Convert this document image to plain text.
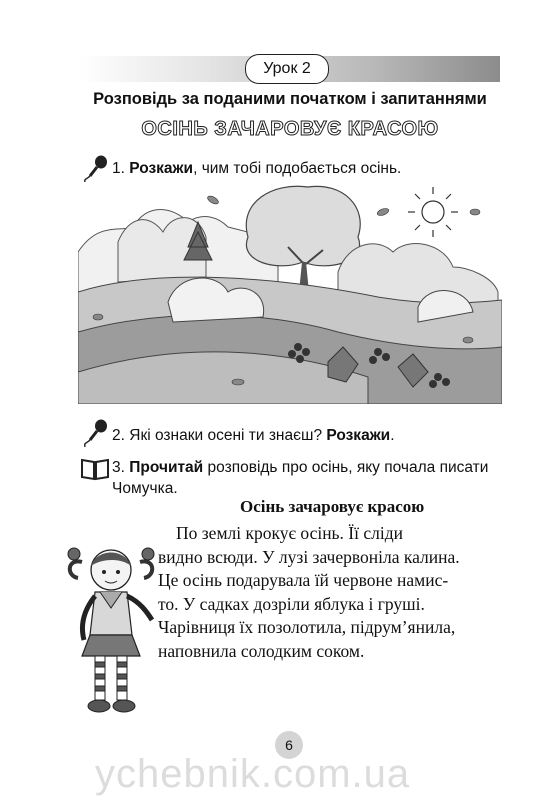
Урок 2
Розповідь за поданими початком і запитаннями
ОСІНЬ ЗАЧАРОВУЄ КРАСОЮ
1. Розкажи, чим тобі подобається осінь.
2. Які ознаки осені ти знаєш? Розкажи.
3. Прочитай розповідь про осінь, яку почала писати
Чомучка.
Осінь зачаровує красою
По землі крокує осінь. Її сліди
видно всюди. У лузі зачервоніла калина.
Це осінь подарувала їй червоне намис-
то. У садках дозріли яблука і груші.
Чарівниця їх позолотила, підрум’янила,
наповнила солодким соком.
6
ychebnik.com.ua
